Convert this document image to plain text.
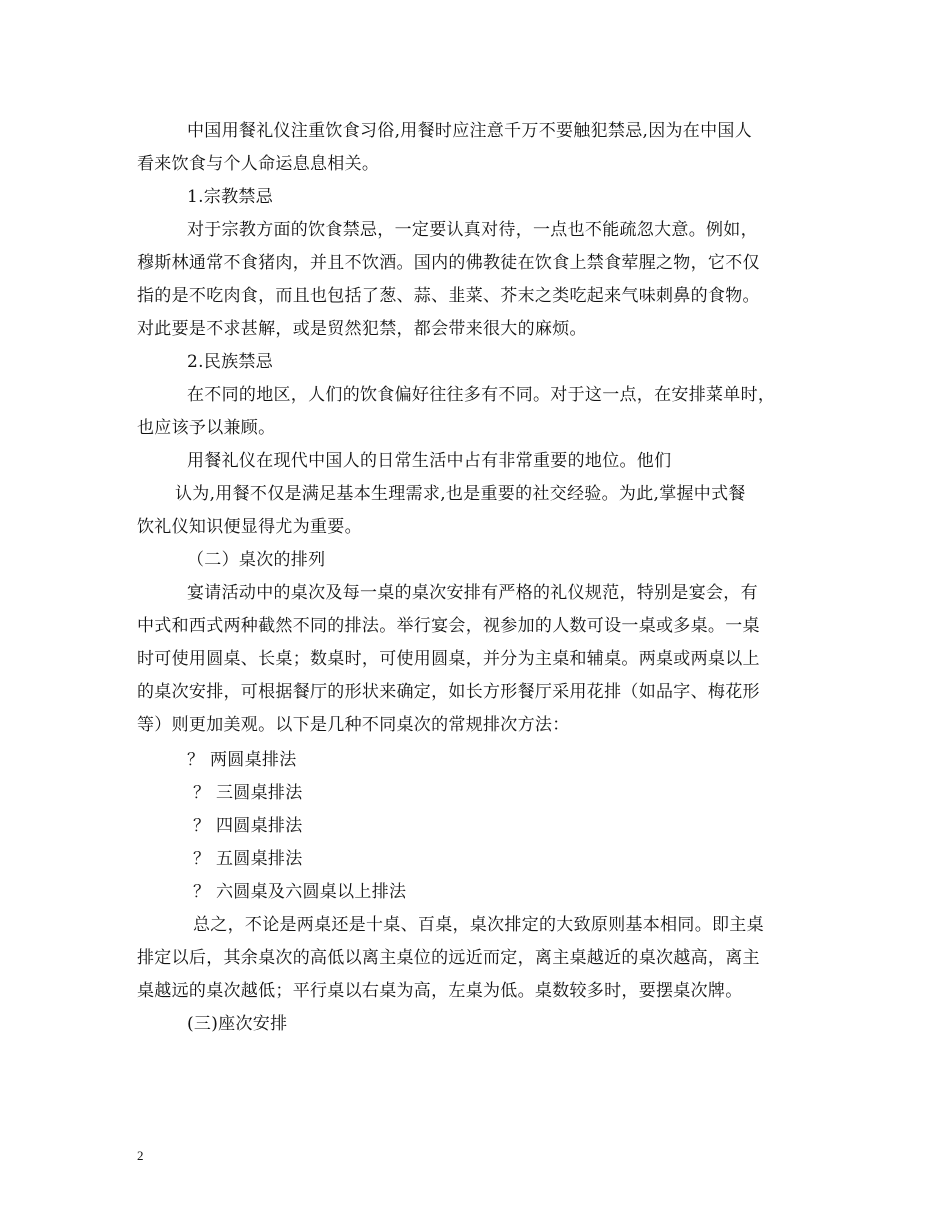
中国用餐礼仪注重饮食习俗,用餐时应注意千万不要触犯禁忌,因为在中国人
看来饮食与个人命运息息相关。
1.宗教禁忌
对于宗教方面的饮食禁忌，一定要认真对待，一点也不能疏忽大意。例如，
穆斯林通常不食猪肉，并且不饮酒。国内的佛教徒在饮食上禁食荤腥之物，它不仅
指的是不吃肉食，而且也包括了葱、蒜、韭菜、芥末之类吃起来气味刺鼻的食物。
对此要是不求甚解，或是贸然犯禁，都会带来很大的麻烦。
2.民族禁忌
在不同的地区，人们的饮食偏好往往多有不同。对于这一点，在安排菜单时，
也应该予以兼顾。
用餐礼仪在现代中国人的日常生活中占有非常重要的地位。他们
认为,用餐不仅是满足基本生理需求,也是重要的社交经验。为此,掌握中式餐
饮礼仪知识便显得尤为重要。
（二）桌次的排列
宴请活动中的桌次及每一桌的桌次安排有严格的礼仪规范，特别是宴会，有
中式和西式两种截然不同的排法。举行宴会，视参加的人数可设一桌或多桌。一桌
时可使用圆桌、长桌；数桌时，可使用圆桌，并分为主桌和辅桌。两桌或两桌以上
的桌次安排，可根据餐厅的形状来确定，如长方形餐厅采用花排（如品字、梅花形
等）则更加美观。以下是几种不同桌次的常规排次方法：
？ 两圆桌排法
？ 三圆桌排法
？ 四圆桌排法
？ 五圆桌排法
？ 六圆桌及六圆桌以上排法
总之，不论是两桌还是十桌、百桌，桌次排定的大致原则基本相同。即主桌
排定以后，其余桌次的高低以离主桌位的远近而定，离主桌越近的桌次越高，离主
桌越远的桌次越低；平行桌以右桌为高，左桌为低。桌数较多时，要摆桌次牌。
(三)座次安排
2
